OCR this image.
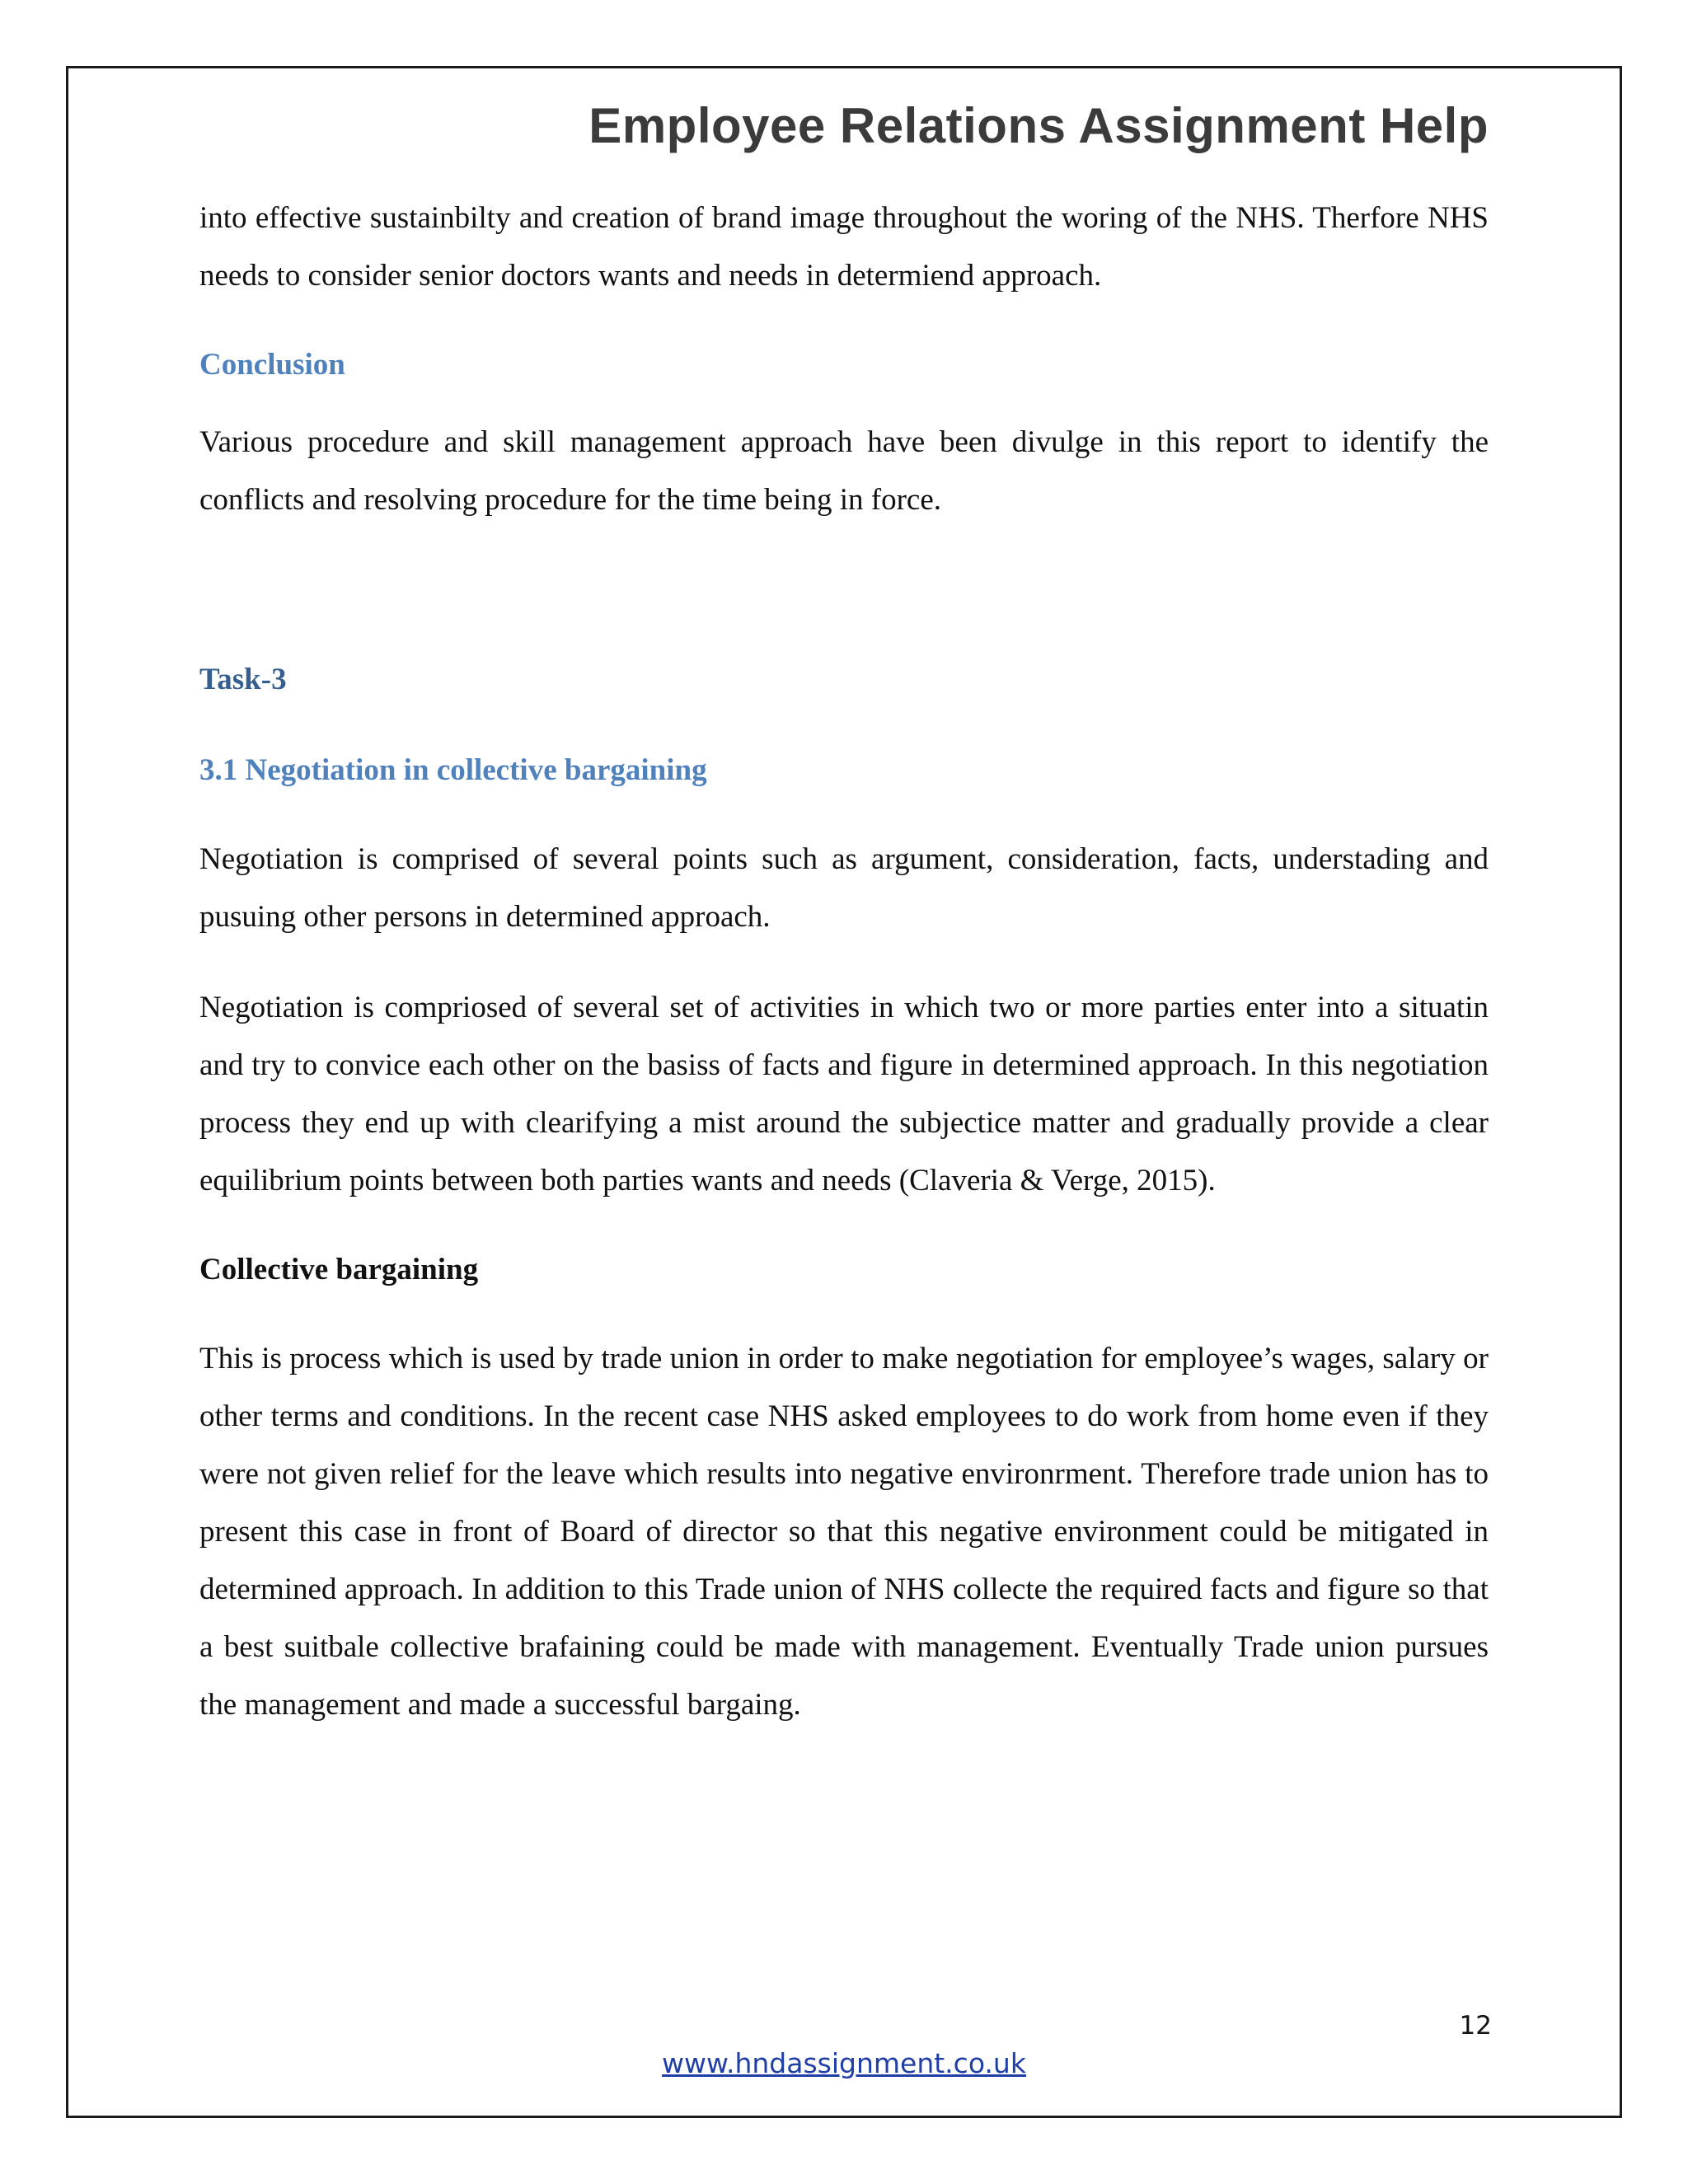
Employee Relations Assignment Help

into effective sustainbilty and creation of brand image throughout the woring of the NHS. Therfore NHS needs to consider senior doctors wants and needs in determiend approach.

Conclusion

Various procedure and skill management approach have been divulge in this report to identify the conflicts and resolving procedure for the time being in force.

Task-3
3.1 Negotiation in collective bargaining

Negotiation is comprised of several points such as argument, consideration, facts, understading and pusuing other persons in determined approach.

Negotiation is compriosed of several set of activities in which two or more parties enter into a situatin and try to convice each other on the basiss of facts and figure in determined approach. In this negotiation process they end up with clearifying a mist around the subjectice matter and gradually provide a clear equilibrium points between both parties wants and needs (Claveria & Verge, 2015).

Collective bargaining

This is process which is used by trade union in order to make negotiation for employee’s wages, salary or other terms and conditions. In the recent case NHS asked employees to do work from home even if they were not given relief for the leave which results into negative environrment. Therefore trade union has to present this case in front of Board of director so that this negative environment could be mitigated in determined approach. In addition to this Trade union of NHS collecte the required facts and figure so that a best suitbale collective brafaining could be made with management. Eventually Trade union pursues the management and made a successful bargaing.

12
www.hndassignment.co.uk
